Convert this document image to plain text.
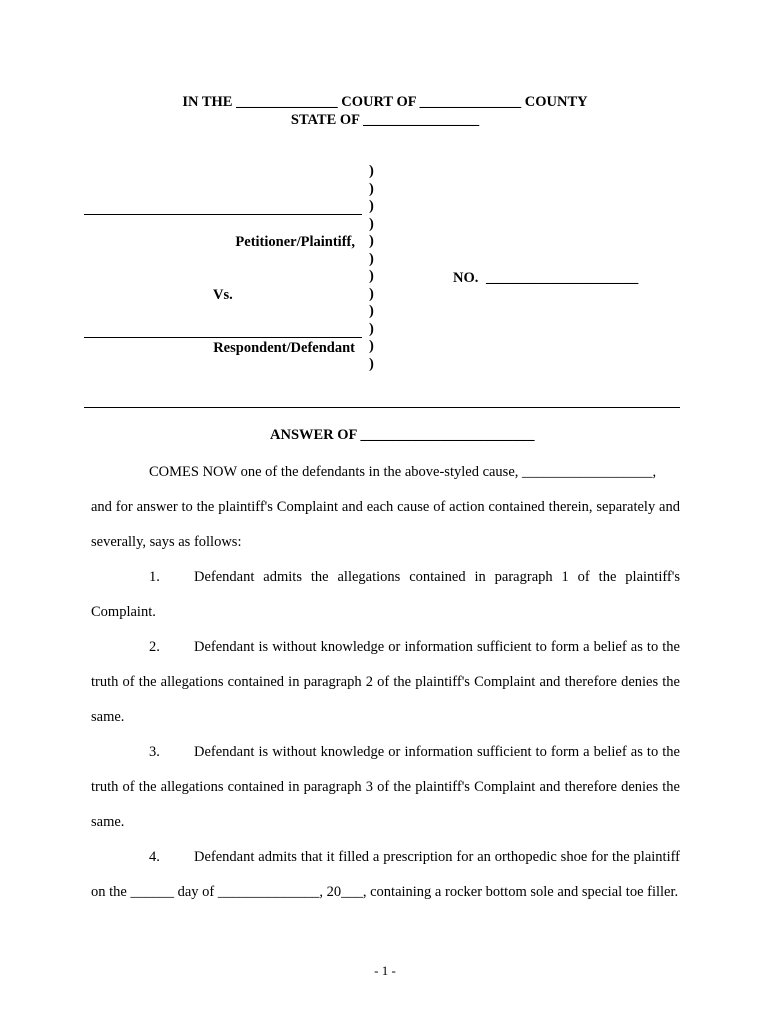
IN THE ______________ COURT OF ______________ COUNTY
STATE OF ________________
)
)
)
)
)
)
)
)
)
)
)
)
Petitioner/Plaintiff,
Vs.
Respondent/Defendant
NO. _____________________
ANSWER OF ________________________

COMES NOW one of the defendants in the above-styled cause, __________________,

and for answer to the plaintiff's Complaint and each cause of action contained therein, separately and severally, says as follows:

1. Defendant admits the allegations contained in paragraph 1 of the plaintiff's Complaint.

2. Defendant is without knowledge or information sufficient to form a belief as to the truth of the allegations contained in paragraph 2 of the plaintiff's Complaint and therefore denies the same.

3. Defendant is without knowledge or information sufficient to form a belief as to the truth of the allegations contained in paragraph 3 of the plaintiff's Complaint and therefore denies the same.

4. Defendant admits that it filled a prescription for an orthopedic shoe for the plaintiff on the ______ day of ______________, 20___, containing a rocker bottom sole and special toe filler.

- 1 -
